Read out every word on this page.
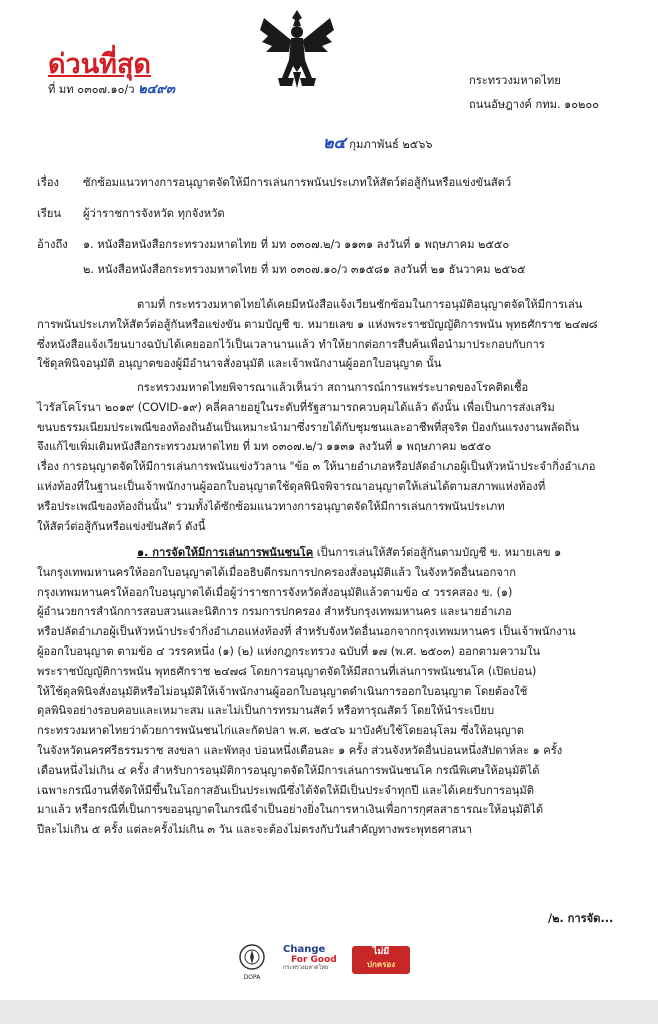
ด่วนที่สุด
ที่ มท ๐๓๐๗.๑๐/ว ๒๔๙๓
กระทรวงมหาดไทย
ถนนอัษฎางค์ กทม. ๑๐๒๐๐
๒๔ กุมภาพันธ์ ๒๕๖๖
เรื่อง ซักซ้อมแนวทางการอนุญาตจัดให้มีการเล่นการพนันประเภทให้สัตว์ต่อสู้กันหรือแข่งขันสัตว์
เรียน ผู้ว่าราชการจังหวัด ทุกจังหวัด
อ้างถึง ๑. หนังสือหนังสือกระทรวงมหาดไทย ที่ มท ๐๓๐๗.๒/ว ๑๑๓๑ ลงวันที่ ๑ พฤษภาคม ๒๕๕๐
๒. หนังสือหนังสือกระทรวงมหาดไทย ที่ มท ๐๓๐๗.๑๐/ว ๓๑๕๘๑ ลงวันที่ ๒๑ ธันวาคม ๒๕๖๕
ตามที่ กระทรวงมหาดไทยได้เคยมีหนังสือแจ้งเวียนซักซ้อมในการอนุมัติอนุญาตจัดให้มีการเล่น
การพนันประเภทให้สัตว์ต่อสู้กันหรือแข่งขัน ตามบัญชี ข. หมายเลข ๑ แห่งพระราชบัญญัติการพนัน พุทธศักราช ๒๔๗๘
ซึ่งหนังสือแจ้งเวียนบางฉบับได้เคยออกไว้เป็นเวลานานแล้ว ทำให้ยากต่อการสืบค้นเพื่อนำมาประกอบกับการ
ใช้ดุลพินิจอนุมัติ อนุญาตของผู้มีอำนาจสั่งอนุมัติ และเจ้าพนักงานผู้ออกใบอนุญาต นั้น
กระทรวงมหาดไทยพิจารณาแล้วเห็นว่า สถานการณ์การแพร่ระบาดของโรคติดเชื้อ
ไวรัสโคโรนา ๒๐๑๙ (COVID-๑๙) คลี่คลายอยู่ในระดับที่รัฐสามารถควบคุมได้แล้ว ดังนั้น เพื่อเป็นการส่งเสริม
ขนบธรรมเนียมประเพณีของท้องถิ่นอันเป็นเหมาะนำมาซึ่งรายได้กับชุมชนและอาชีพที่สุจริต ป้องกันแรงงานพลัดถิ่น
จึงแก้ไขเพิ่มเติมหนังสือกระทรวงมหาดไทย ที่ มท ๐๓๐๗.๒/ว ๑๑๓๑ ลงวันที่ ๑ พฤษภาคม ๒๕๕๐
เรื่อง การอนุญาตจัดให้มีการเล่นการพนันแข่งวัวลาน "ข้อ ๓ ให้นายอำเภอหรือปลัดอำเภอผู้เป็นหัวหน้าประจำกิ่งอำเภอ
แห่งท้องที่ในฐานะเป็นเจ้าพนักงานผู้ออกใบอนุญาตใช้ดุลพินิจพิจารณาอนุญาตให้เล่นได้ตามสภาพแห่งท้องที่
หรือประเพณีของท้องถิ่นนั้น" รวมทั้งได้ซักซ้อมแนวทางการอนุญาตจัดให้มีการเล่นการพนันประเภท
ให้สัตว์ต่อสู้กันหรือแข่งขันสัตว์ ดังนี้
๑. การจัดให้มีการเล่นการพนันชนโค เป็นการเล่นให้สัตว์ต่อสู้กันตามบัญชี ข. หมายเลข ๑
ในกรุงเทพมหานครให้ออกใบอนุญาตได้เมื่ออธิบดีกรมการปกครองสั่งอนุมัติแล้ว ในจังหวัดอื่นนอกจาก
กรุงเทพมหานครให้ออกใบอนุญาตได้เมื่อผู้ว่าราชการจังหวัดสั่งอนุมัติแล้วตามข้อ ๔ วรรคสอง ข. (๑)
ผู้อำนวยการสำนักการสอบสวนและนิติการ กรมการปกครอง สำหรับกรุงเทพมหานคร และนายอำเภอ
หรือปลัดอำเภอผู้เป็นหัวหน้าประจำกิ่งอำเภอแห่งท้องที่ สำหรับจังหวัดอื่นนอกจากกรุงเทพมหานคร เป็นเจ้าพนักงาน
ผู้ออกใบอนุญาต ตามข้อ ๔ วรรคหนึ่ง (๑) (๒) แห่งกฎกระทรวง ฉบับที่ ๑๗ (พ.ศ. ๒๕๐๓) ออกตามความใน
พระราชบัญญัติการพนัน พุทธศักราช ๒๔๗๘ โดยการอนุญาตจัดให้มีสถานที่เล่นการพนันชนโค (เปิดบ่อน)
ให้ใช้ดุลพินิจสั่งอนุมัติหรือไม่อนุมัติให้เจ้าพนักงานผู้ออกใบอนุญาตดำเนินการออกใบอนุญาต โดยต้องใช้
ดุลพินิจอย่างรอบคอบและเหมาะสม และไม่เป็นการทรมานสัตว์ หรือทารุณสัตว์ โดยให้นำระเบียบ
กระทรวงมหาดไทยว่าด้วยการพนันชนไก่และกัดปลา พ.ศ. ๒๕๔๖ มาบังคับใช้โดยอนุโลม ซึ่งให้อนุญาต
ในจังหวัดนครศรีธรรมราช สงขลา และพัทลุง บ่อนหนึ่งเดือนละ ๑ ครั้ง ส่วนจังหวัดอื่นบ่อนหนึ่งสัปดาห์ละ ๑ ครั้ง
เดือนหนึ่งไม่เกิน ๔ ครั้ง สำหรับการอนุมัติการอนุญาตจัดให้มีการเล่นการพนันชนโค กรณีพิเศษให้อนุมัติได้
เฉพาะกรณีงานที่จัดให้มีขึ้นในโอกาสอันเป็นประเพณีซึ่งได้จัดให้มีเป็นประจำทุกปี และได้เคยรับการอนุมัติ
มาแล้ว หรือกรณีที่เป็นการขออนุญาตในกรณีจำเป็นอย่างยิ่งในการหาเงินเพื่อการกุศลสาธารณะให้อนุมัติได้
ปีละไม่เกิน ๕ ครั้ง แต่ละครั้งไม่เกิน ๓ วัน และจะต้องไม่ตรงกับวันสำคัญทางพระพุทธศาสนา
/๒. การจัด...
DOPA
Change
For Good
กระทรวงมหาดไทย
ไม่มี
ปกครอง
